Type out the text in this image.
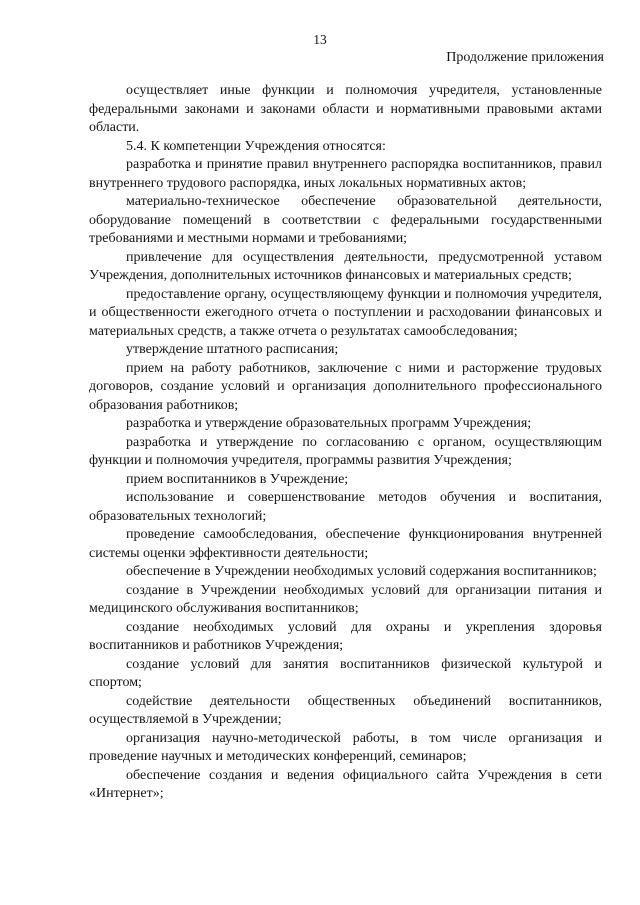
13
Продолжение приложения

осуществляет иные функции и полномочия учредителя, установленные федеральными законами и законами области и нормативными правовыми актами области.

5.4. К компетенции Учреждения относятся:

разработка и принятие правил внутреннего распорядка воспитанников, правил внутреннего трудового распорядка, иных локальных нормативных актов;

материально-техническое обеспечение образовательной деятельности, оборудование помещений в соответствии с федеральными государственными требованиями и местными нормами и требованиями;

привлечение для осуществления деятельности, предусмотренной уставом Учреждения, дополнительных источников финансовых и материальных средств;

предоставление органу, осуществляющему функции и полномочия учредителя, и общественности ежегодного отчета о поступлении и расходовании финансовых и материальных средств, а также отчета о результатах самообследования;

утверждение штатного расписания;

прием на работу работников, заключение с ними и расторжение трудовых договоров, создание условий и организация дополнительного профессионального образования работников;

разработка и утверждение образовательных программ Учреждения;

разработка и утверждение по согласованию с органом, осуществляющим функции и полномочия учредителя, программы развития Учреждения;

прием воспитанников в Учреждение;

использование и совершенствование методов обучения и воспитания, образовательных технологий;

проведение самообследования, обеспечение функционирования внутренней системы оценки эффективности деятельности;

обеспечение в Учреждении необходимых условий содержания воспитанников;

создание в Учреждении необходимых условий для организации питания и медицинского обслуживания воспитанников;

создание необходимых условий для охраны и укрепления здоровья воспитанников и работников Учреждения;

создание условий для занятия воспитанников физической культурой и спортом;

содействие деятельности общественных объединений воспитанников, осуществляемой в Учреждении;

организация научно-методической работы, в том числе организация и проведение научных и методических конференций, семинаров;

обеспечение создания и ведения официального сайта Учреждения в сети «Интернет»;
